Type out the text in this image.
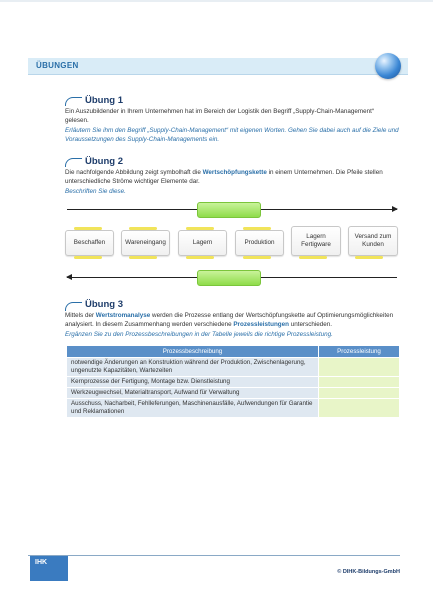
ÜBUNGEN
Übung 1
Ein Auszubildender in Ihrem Unternehmen hat im Bereich der Logistik den Begriff „Supply-Chain-Management“ gelesen.
Erläutern Sie ihm den Begriff „Supply-Chain-Management“ mit eigenen Worten. Gehen Sie dabei auch auf die Ziele und Voraussetzungen des Supply-Chain-Managements ein.
Übung 2
Die nachfolgende Abbildung zeigt symbolhaft die Wertschöpfungskette in einem Unternehmen. Die Pfeile stellen unterschiedliche Ströme wichtiger Elemente dar.
Beschriften Sie diese.
Beschaffen	Wareneingang	Lagern	Produktion
Lagern Fertigware
Versand zum Kunden
Übung 3
Mittels der Wertstromanalyse werden die Prozesse entlang der Wertschöpfungskette auf Optimierungsmöglichkeiten analysiert. In diesem Zusammenhang werden verschiedene Prozessleistungen unterschieden.
Ergänzen Sie zu den Prozessbeschreibungen in der Tabelle jeweils die richtige Prozessleistung.
Prozessbeschreibung	Prozessleistung
notwendige Änderungen an Konstruktion während der Produktion, Zwischenlagerung, ungenutzte Kapazitäten, Wartezeiten	
Kernprozesse der Fertigung, Montage bzw. Dienstleistung	
Werkzeugwechsel, Materialtransport, Aufwand für Verwaltung	
Ausschuss, Nacharbeit, Fehlleferungen, Maschinenausfälle, Aufwendungen für Garantie und Reklamationen	
IHK
© DIHK-Bildungs-GmbH
